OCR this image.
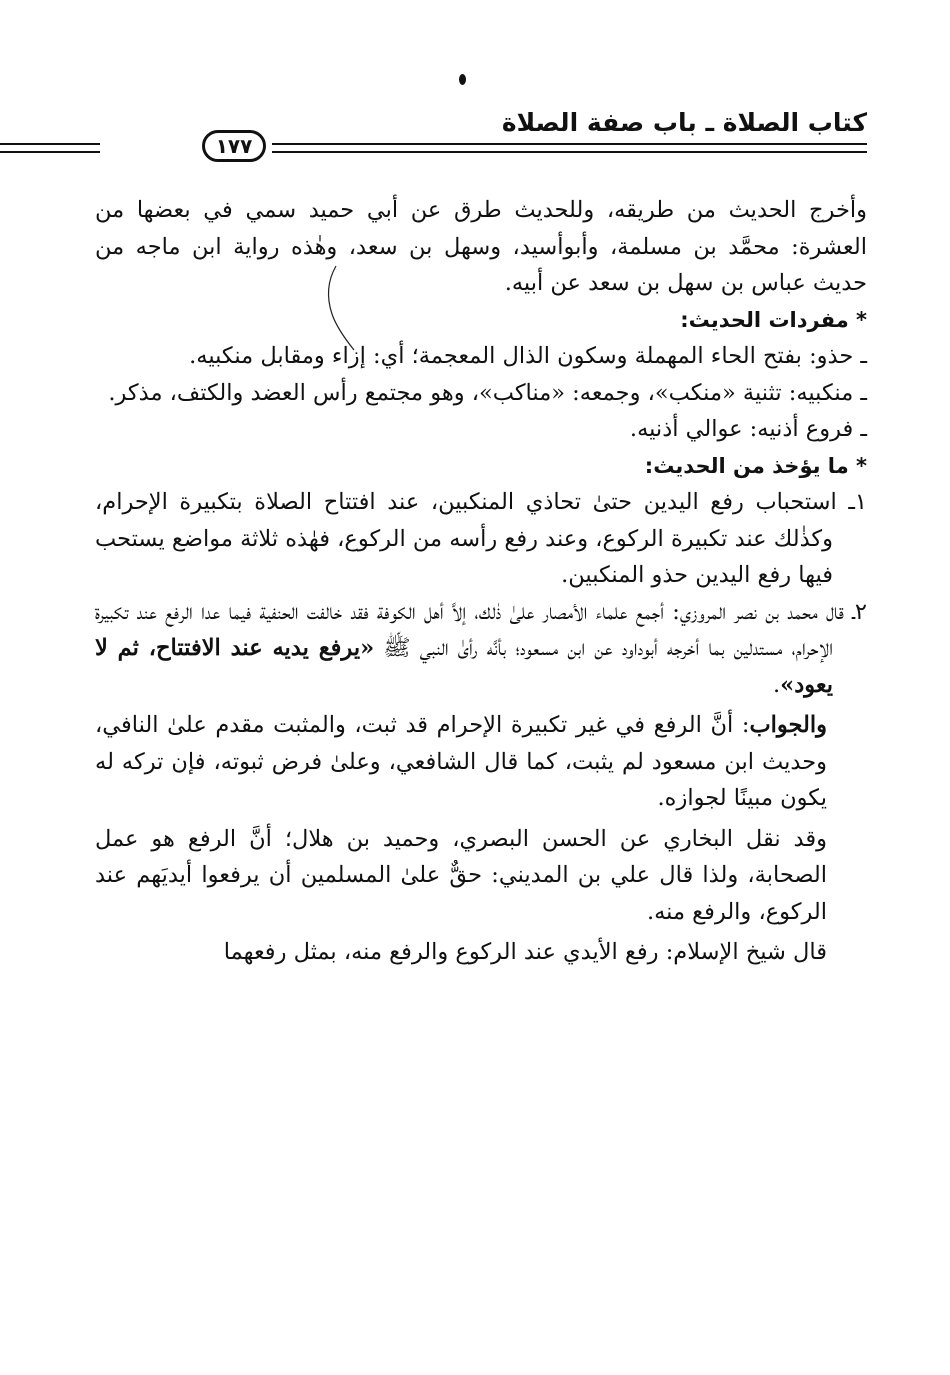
١٧٧
كتاب الصلاة ـ باب صفة الصلاة

وأخرج الحديث من طريقه، وللحديث طرق عن أبي حميد سمي في بعضها من العشرة: محمَّد بن مسلمة، وأبوأسيد، وسهل بن سعد، وهٰذه رواية ابن ماجه من حديث عباس بن سهل بن سعد عن أبيه.

* مفردات الحديث:

ـ حذو: بفتح الحاء المهملة وسكون الذال المعجمة؛ أي: إزاء ومقابل منكبيه.

ـ منكبيه: تثنية «منكب»، وجمعه: «مناكب»، وهو مجتمع رأس العضد والكتف، مذكر.

ـ فروع أذنيه: عوالي أذنيه.

* ما يؤخذ من الحديث:

١ـ استحباب رفع اليدين حتىٰ تحاذي المنكبين، عند افتتاح الصلاة بتكبيرة الإحرام، وكذٰلك عند تكبيرة الركوع، وعند رفع رأسه من الركوع، فهٰذه ثلاثة مواضع يستحب فيها رفع اليدين حذو المنكبين.

٢ـ قال محمد بن نصر المروزي: أجمع علماء الأمصار علىٰ ذٰلك، إلاَّ أهل الكوفة فقد خالفت الحنفية فيما عدا الرفع عند تكبيرة الإحرام، مستدلين بما أخرجه أبوداود عن ابن مسعود؛ بأنَّه رأىٰ النبي ﷺ «يرفع يديه عند الافتتاح، ثم لا يعود».

والجواب: أنَّ الرفع في غير تكبيرة الإحرام قد ثبت، والمثبت مقدم علىٰ النافي، وحديث ابن مسعود لم يثبت، كما قال الشافعي، وعلىٰ فرض ثبوته، فإن تركه له يكون مبينًا لجوازه.

وقد نقل البخاري عن الحسن البصري، وحميد بن هلال؛ أنَّ الرفع هو عمل الصحابة، ولذا قال علي بن المديني: حقٌّ علىٰ المسلمين أن يرفعوا أيديَهم عند الركوع، والرفع منه.

قال شيخ الإسلام: رفع الأيدي عند الركوع والرفع منه، بمثل رفعهما
